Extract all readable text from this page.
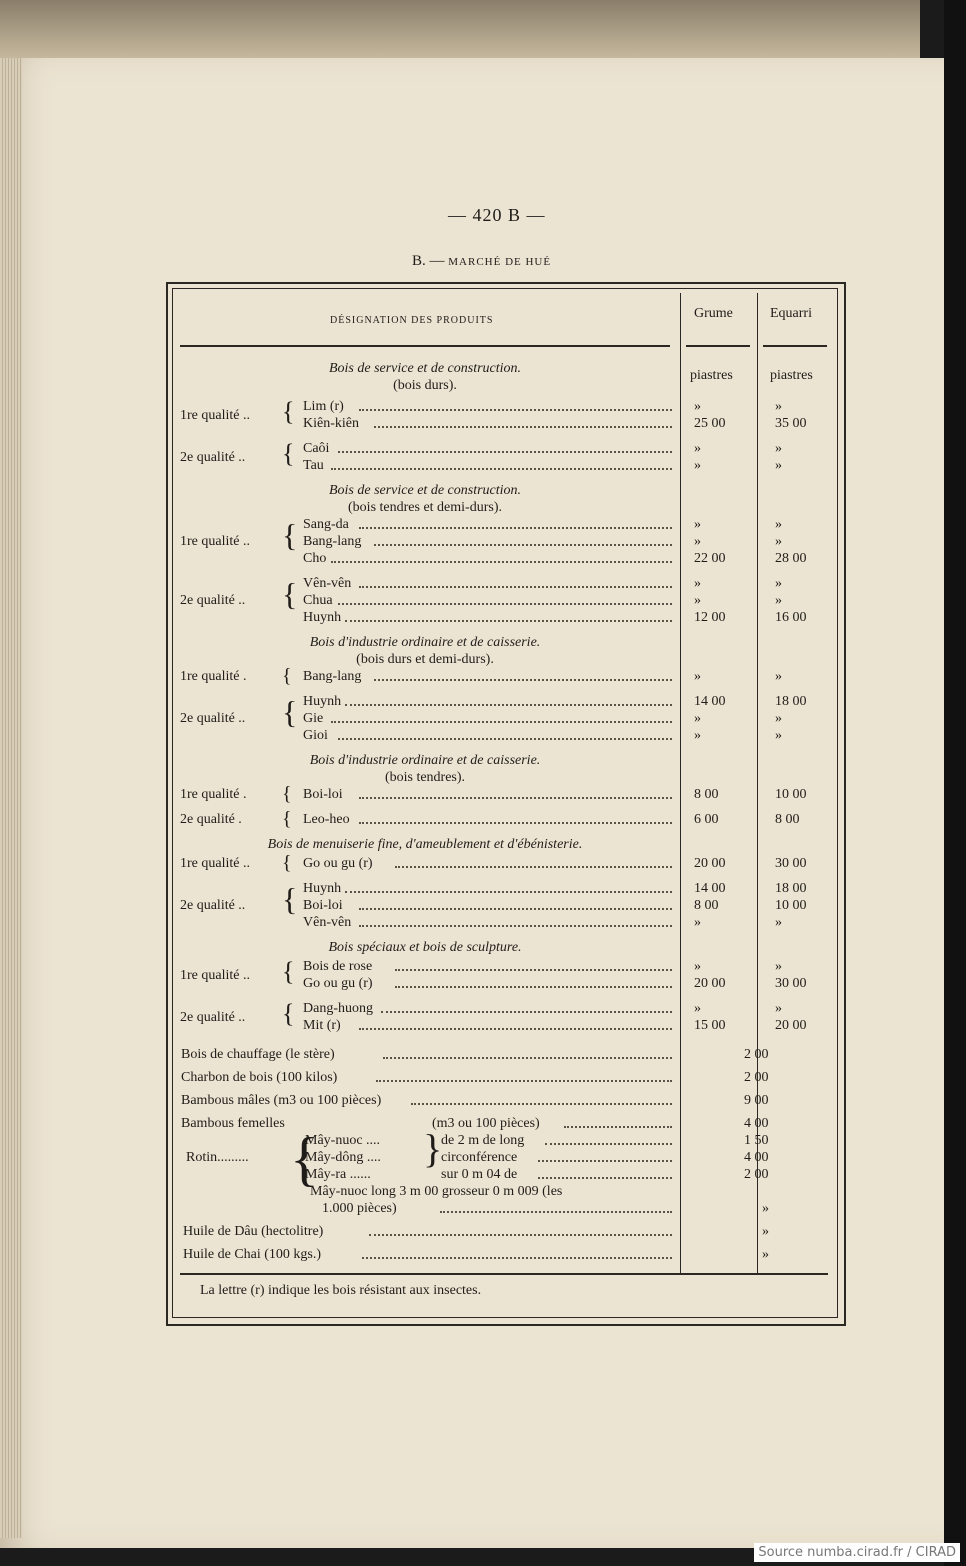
— 420 B —
B. — MARCHÉ DE HUÉ
DÉSIGNATION DES PRODUITS	Grume	Equarri
piastres	piastres
Bois de service et de construction.
(bois durs).
1re qualité .. { Lim (r)	»	»
Kiên-kiên	25 00	35 00
2e qualité .. { Caôi	»	»
Tau	»	»
Bois de service et de construction.
(bois tendres et demi-durs).
1re qualité .. { Sang-da	»	»
Bang-lang	»	»
Cho	22 00	28 00
2e qualité .. { Vên-vên	»	»
Chua	»	»
Huynh	12 00	16 00
Bois d'industrie ordinaire et de caisserie.
(bois durs et demi-durs).
1re qualité . { Bang-lang	»	»
2e qualité .. { Huynh	14 00	18 00
Gie	»	»
Gioi	»	»
Bois d'industrie ordinaire et de caisserie.
(bois tendres).
1re qualité . { Boi-loi	8 00	10 00
2e qualité . { Leo-heo	6 00	8 00
Bois de menuiserie fine, d'ameublement et d'ébénisterie.
1re qualité .. { Go ou gu (r)	20 00	30 00
2e qualité .. { Huynh	14 00	18 00
Boi-loi	8 00	10 00
Vên-vên	»	»
Bois spéciaux et bois de sculpture.
1re qualité .. { Bois de rose	»	»
Go ou gu (r)	20 00	30 00
2e qualité .. { Dang-huong	»	»
Mit (r)	15 00	20 00
Bois de chauffage (le stère)	2 00
Charbon de bois (100 kilos)	2 00
Bambous mâles (m3 ou 100 pièces)	9 00
Bambous femelles	(m3 ou 100 pièces)	4 00
Mây-nuoc ....	de 2 m de long	1 50
Mây-dông ....	circonférence	4 00
Mây-ra ......	sur 0 m 04 de	2 00
Rotin......... {	}
Mây-nuoc long 3 m 00 grosseur 0 m 009 (les
1.000 pièces)	»
Huile de Dâu (hectolitre)	»
Huile de Chai (100 kgs.)	»
La lettre (r) indique les bois résistant aux insectes.
Source numba.cirad.fr / CIRAD
